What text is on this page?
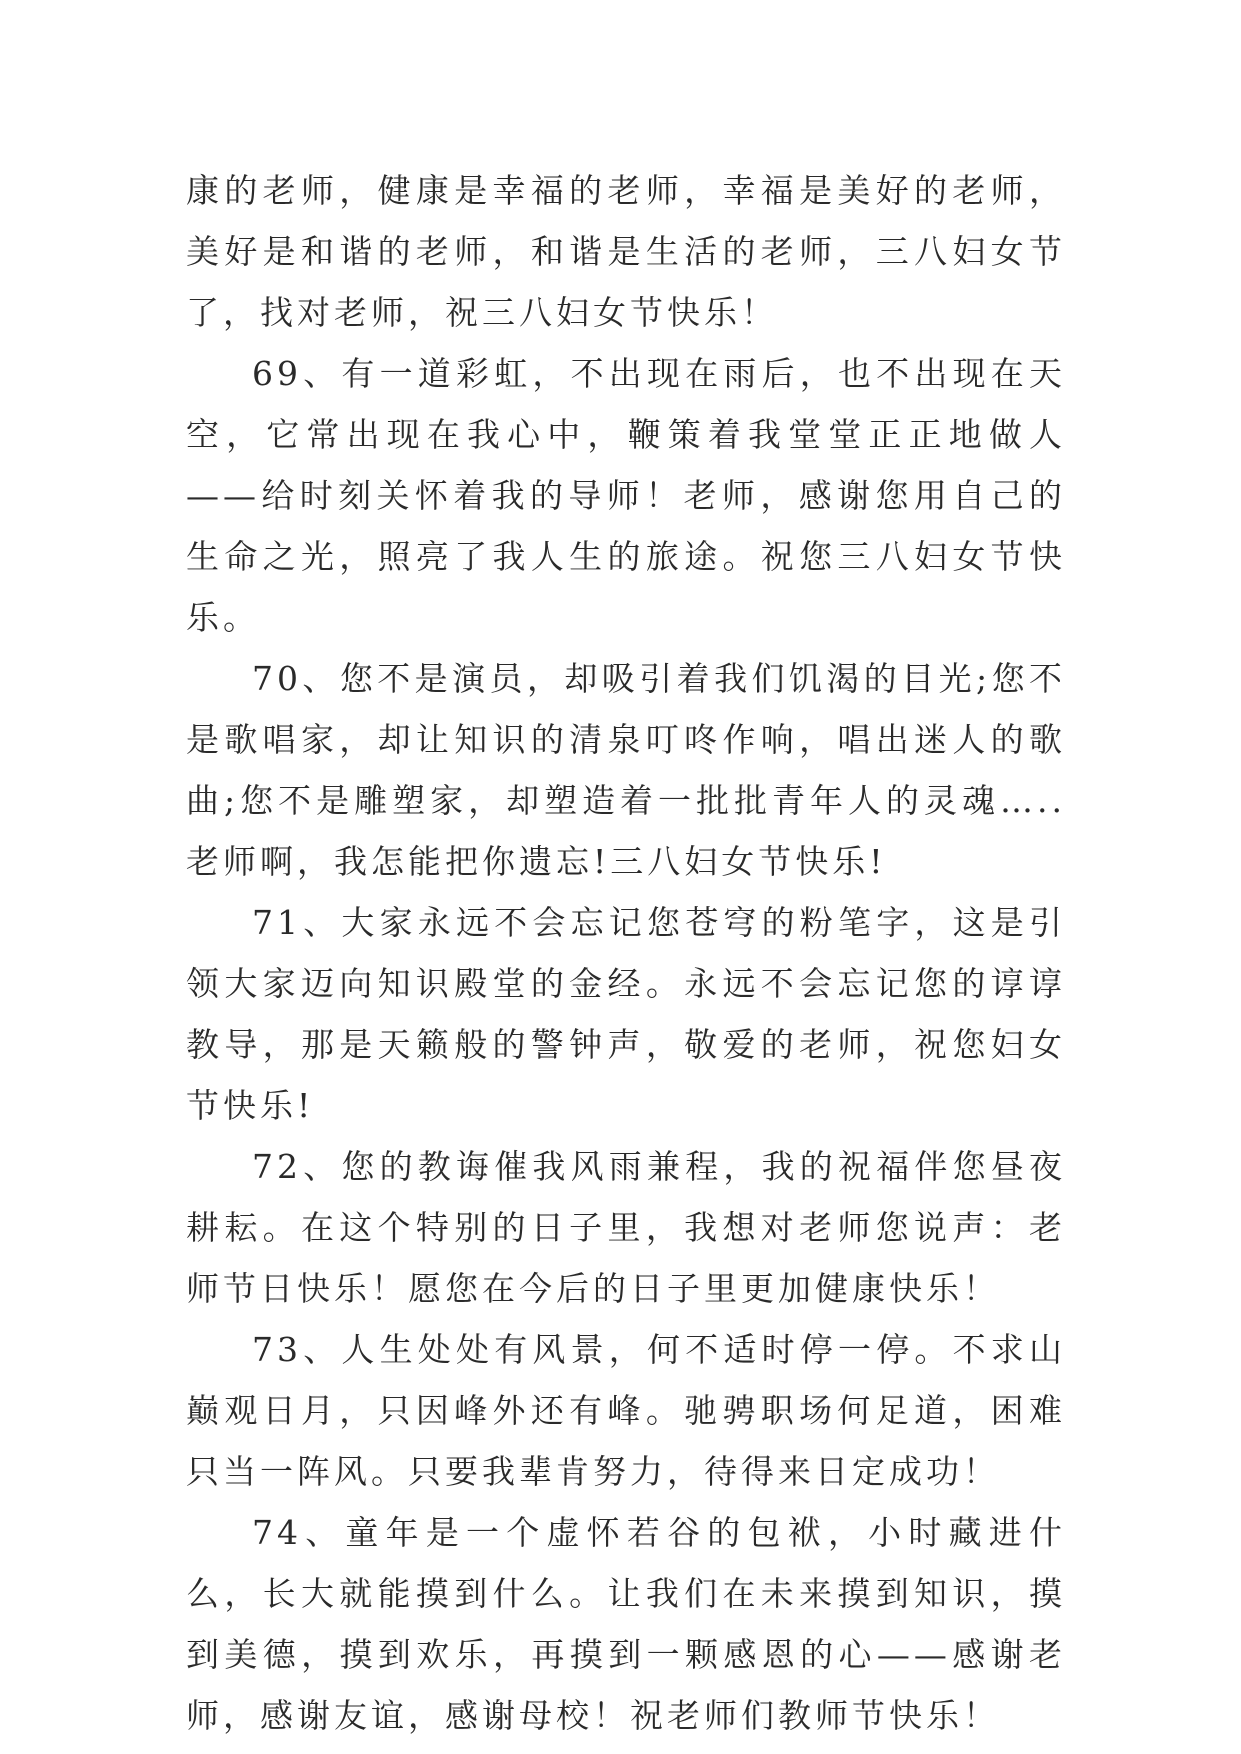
康的老师，健康是幸福的老师，幸福是美好的老师，美好是和谐的老师，和谐是生活的老师，三八妇女节了，找对老师，祝三八妇女节快乐！

69、有一道彩虹，不出现在雨后，也不出现在天空，它常出现在我心中，鞭策着我堂堂正正地做人——给时刻关怀着我的导师！老师，感谢您用自己的生命之光，照亮了我人生的旅途。祝您三八妇女节快乐。

70、您不是演员，却吸引着我们饥渴的目光;您不是歌唱家，却让知识的清泉叮咚作响，唱出迷人的歌曲;您不是雕塑家，却塑造着一批批青年人的灵魂…..老师啊，我怎能把你遗忘!三八妇女节快乐!

71、大家永远不会忘记您苍穹的粉笔字，这是引领大家迈向知识殿堂的金经。永远不会忘记您的谆谆教导，那是天籁般的警钟声，敬爱的老师，祝您妇女节快乐!

72、您的教诲催我风雨兼程，我的祝福伴您昼夜耕耘。在这个特别的日子里，我想对老师您说声：老师节日快乐！愿您在今后的日子里更加健康快乐！

73、人生处处有风景，何不适时停一停。不求山巅观日月，只因峰外还有峰。驰骋职场何足道，困难只当一阵风。只要我辈肯努力，待得来日定成功！

74、童年是一个虚怀若谷的包袱，小时藏进什么，长大就能摸到什么。让我们在未来摸到知识，摸到美德，摸到欢乐，再摸到一颗感恩的心——感谢老师，感谢友谊，感谢母校！祝老师们教师节快乐！
